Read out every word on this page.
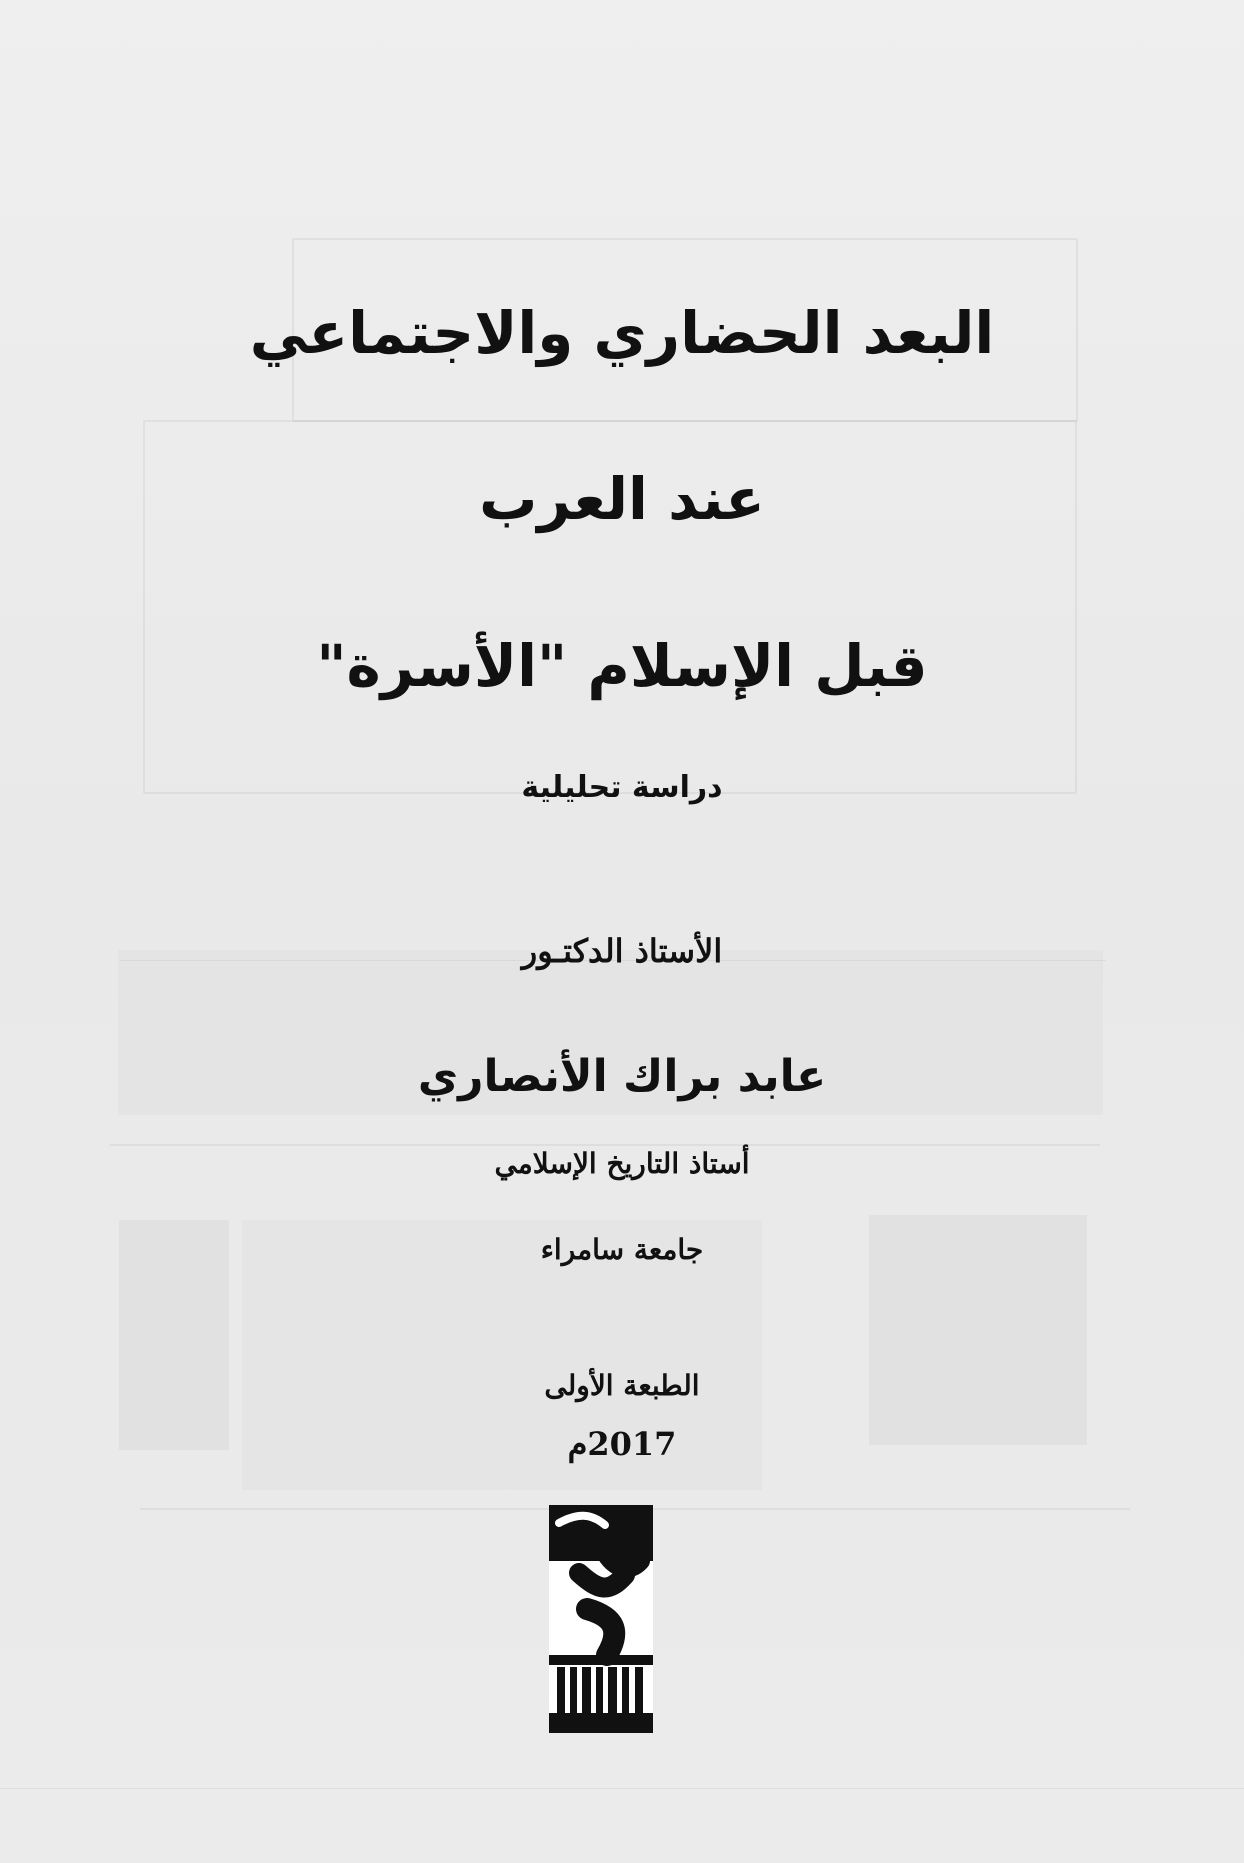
البعد الحضاري والاجتماعي
عند العرب
قبل الإسلام "الأسرة"
دراسة تحليلية
الأستاذ الدكتـور
عابد براك الأنصاري
أستاذ التاريخ الإسلامي
جامعة سامراء
الطبعة الأولى
2017م
